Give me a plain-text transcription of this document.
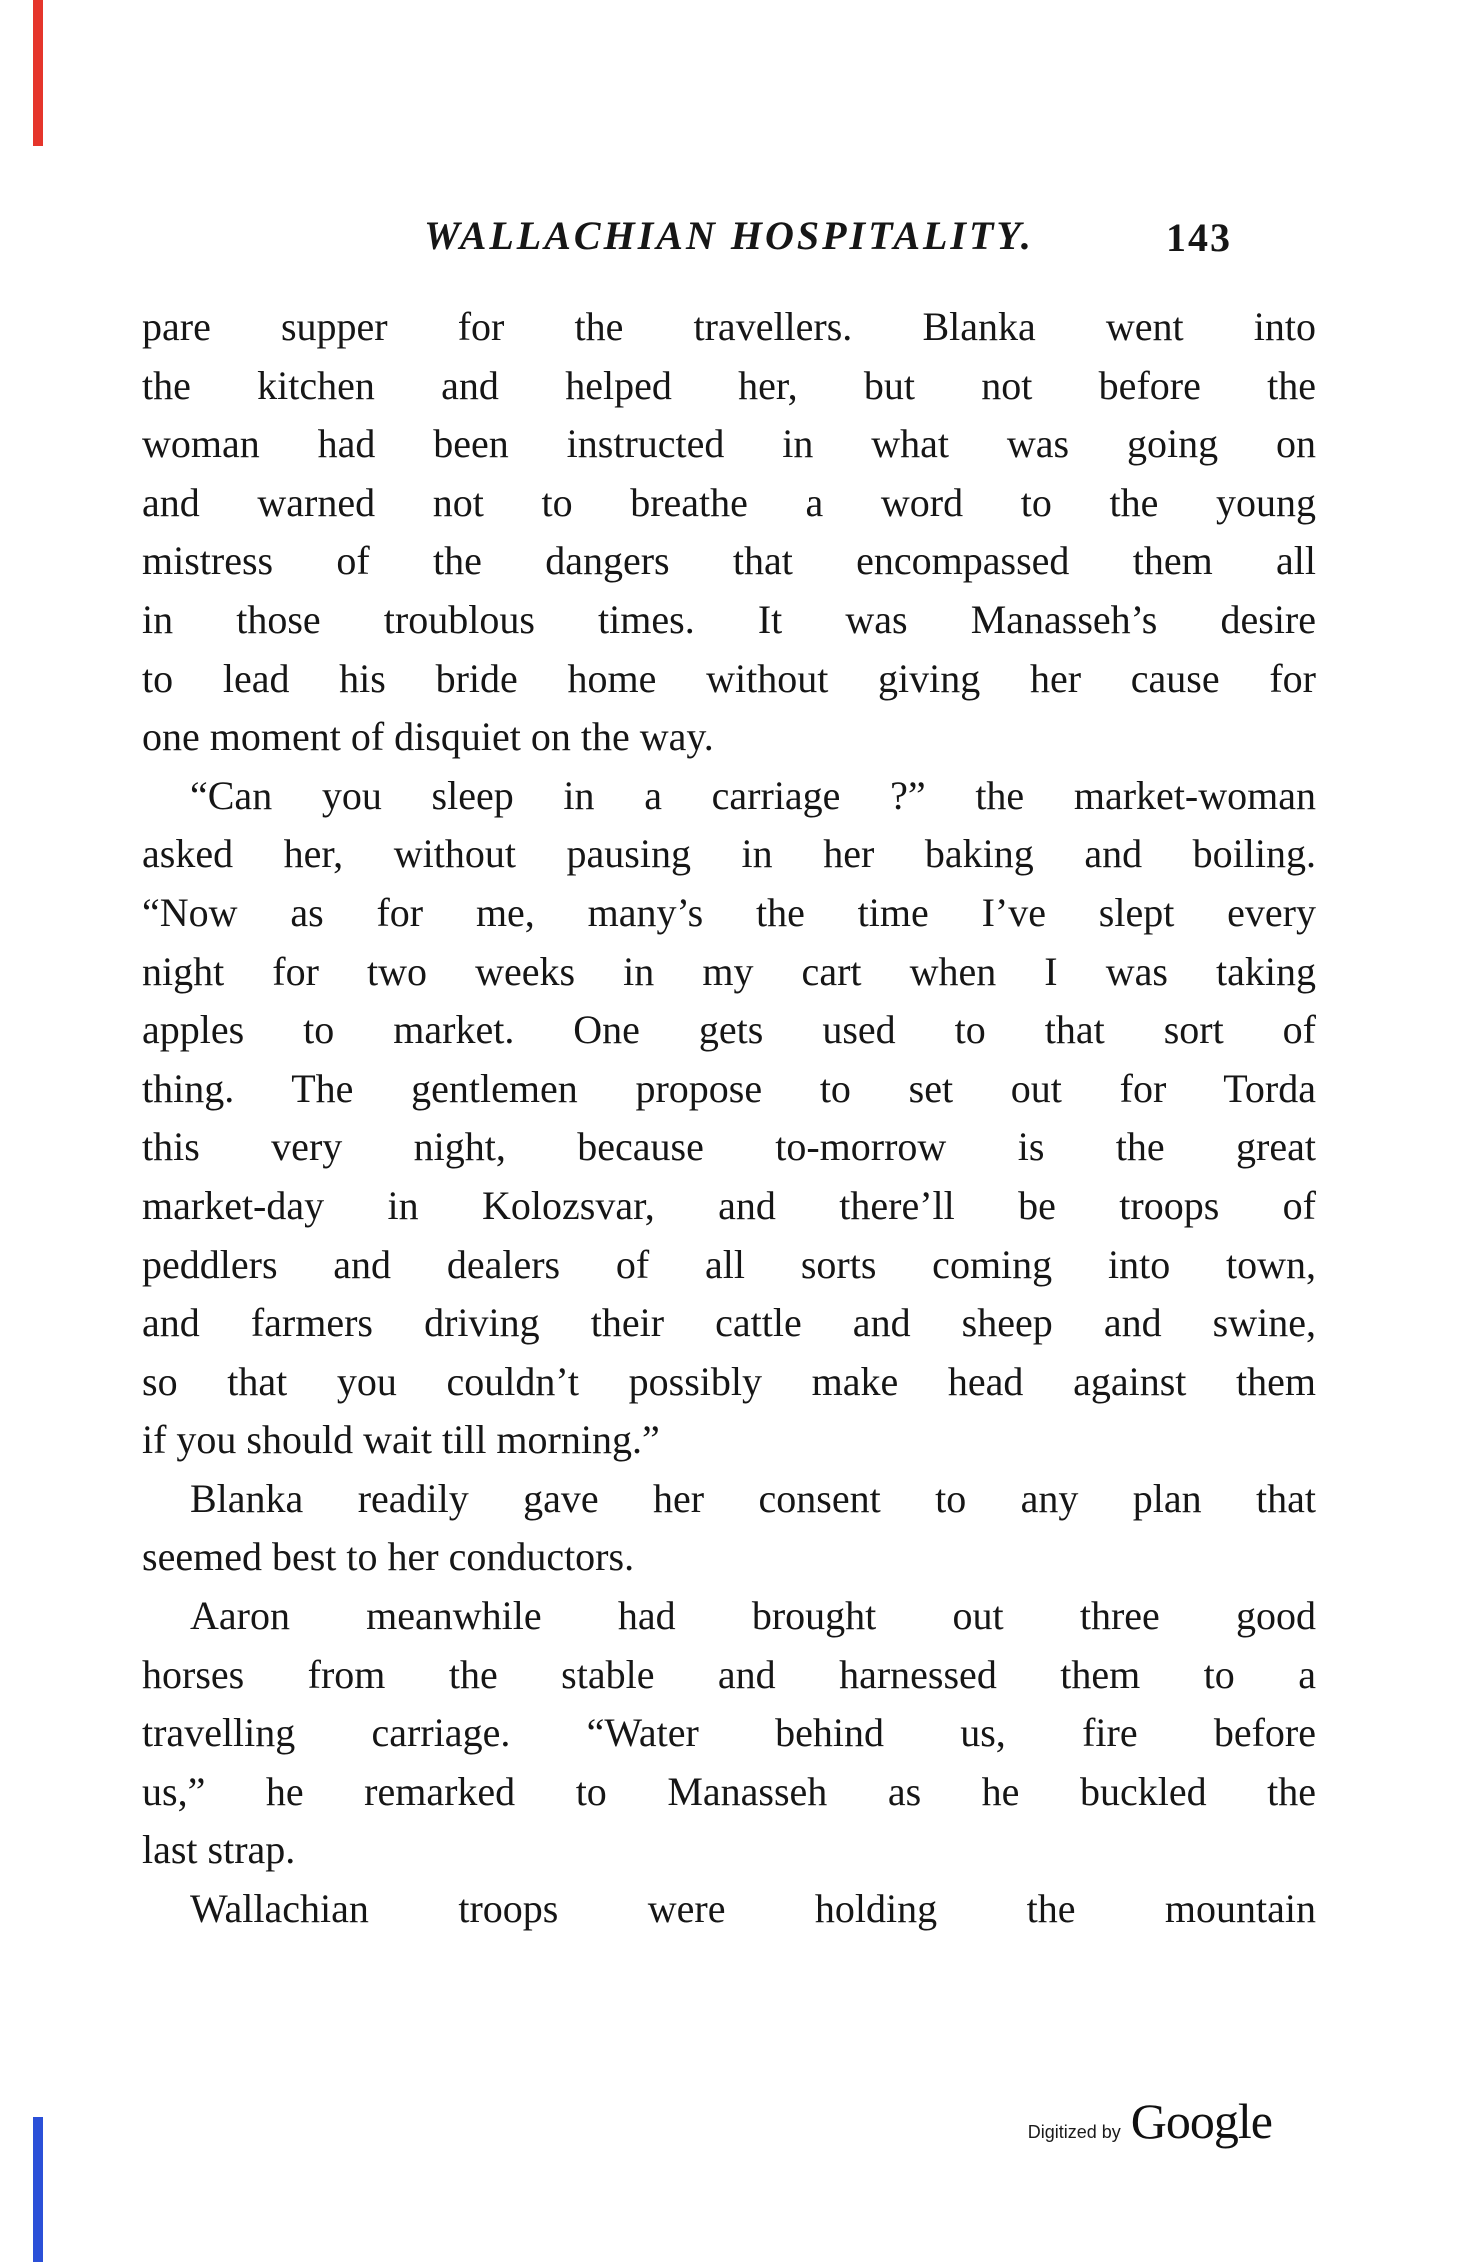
WALLACHIAN HOSPITALITY.	143
pare supper for the travellers. Blanka went into
the kitchen and helped her, but not before the
woman had been instructed in what was going on
and warned not to breathe a word to the young
mistress of the dangers that encompassed them all
in those troublous times. It was Manasseh’s desire
to lead his bride home without giving her cause for
one moment of disquiet on the way.
“Can you sleep in a carriage ?” the market-woman
asked her, without pausing in her baking and boiling.
“Now as for me, many’s the time I’ve slept every
night for two weeks in my cart when I was taking
apples to market. One gets used to that sort of
thing. The gentlemen propose to set out for Torda
this very night, because to-morrow is the great
market-day in Kolozsvar, and there’ll be troops of
peddlers and dealers of all sorts coming into town,
and farmers driving their cattle and sheep and swine,
so that you couldn’t possibly make head against them
if you should wait till morning.”
Blanka readily gave her consent to any plan that
seemed best to her conductors.
Aaron meanwhile had brought out three good
horses from the stable and harnessed them to a
travelling carriage. “Water behind us, fire before
us,” he remarked to Manasseh as he buckled the
last strap.
Wallachian troops were holding the mountain
Digitized by Google
